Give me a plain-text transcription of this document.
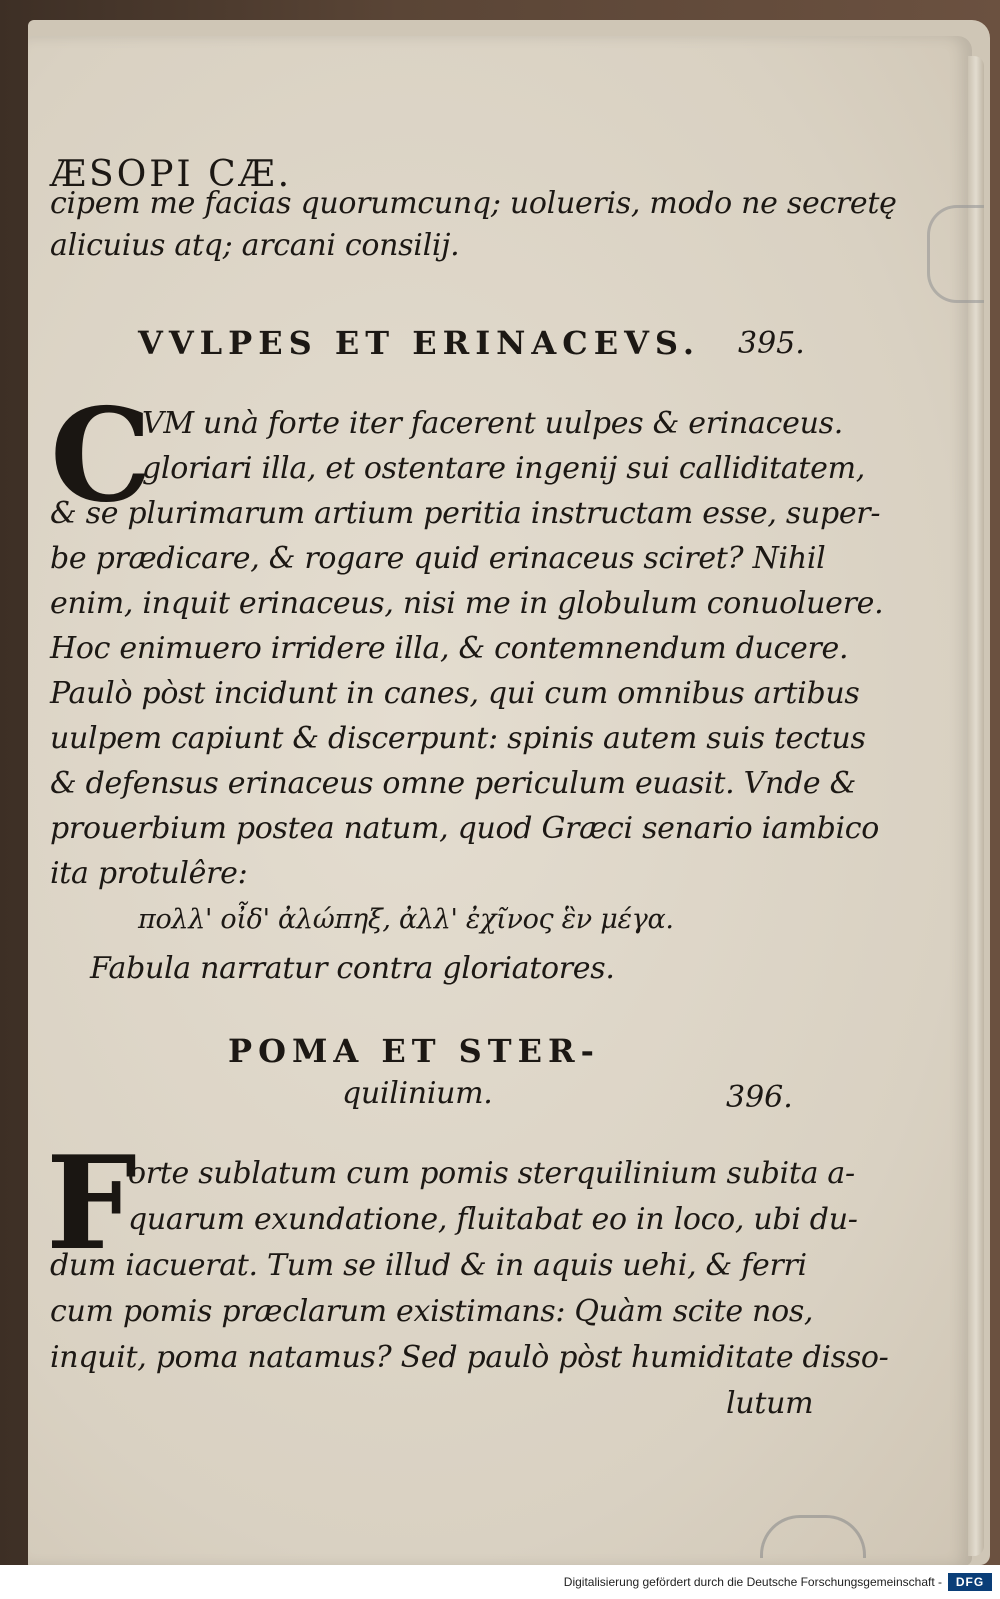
ÆSOPI CÆ.
cipem me facias quorumcunq; uolueris, modo ne secretę
alicuius atq; arcani consilij.
VVLPES ET ERINACEVS. 395.
C
VM unà forte iter facerent uulpes & erinaceus.
gloriari illa, et ostentare ingenij sui calliditatem,
& se plurimarum artium peritia instructam esse, super-
be prædicare, & rogare quid erinaceus sciret? Nihil
enim, inquit erinaceus, nisi me in globulum conuoluere.
Hoc enimuero irridere illa, & contemnendum ducere.
Paulò pòst incidunt in canes, qui cum omnibus artibus
uulpem capiunt & discerpunt: spinis autem suis tectus
& defensus erinaceus omne periculum euasit. Vnde &
prouerbium postea natum, quod Græci senario iambico
ita protulêre:
πολλ' οἶδ' ἀλώπηξ, ἀλλ' ἐχῖνος ἓν μέγα.
Fabula narratur contra gloriatores.
POMA ET STER-
quilinium.	396.
F
orte sublatum cum pomis sterquilinium subita a-
quarum exundatione, fluitabat eo in loco, ubi du-
dum iacuerat. Tum se illud & in aquis uehi, & ferri
cum pomis præclarum existimans: Quàm scite nos,
inquit, poma natamus? Sed paulò pòst humiditate disso-
lutum
Digitalisierung gefördert durch die Deutsche Forschungsgemeinschaft -	DFG
